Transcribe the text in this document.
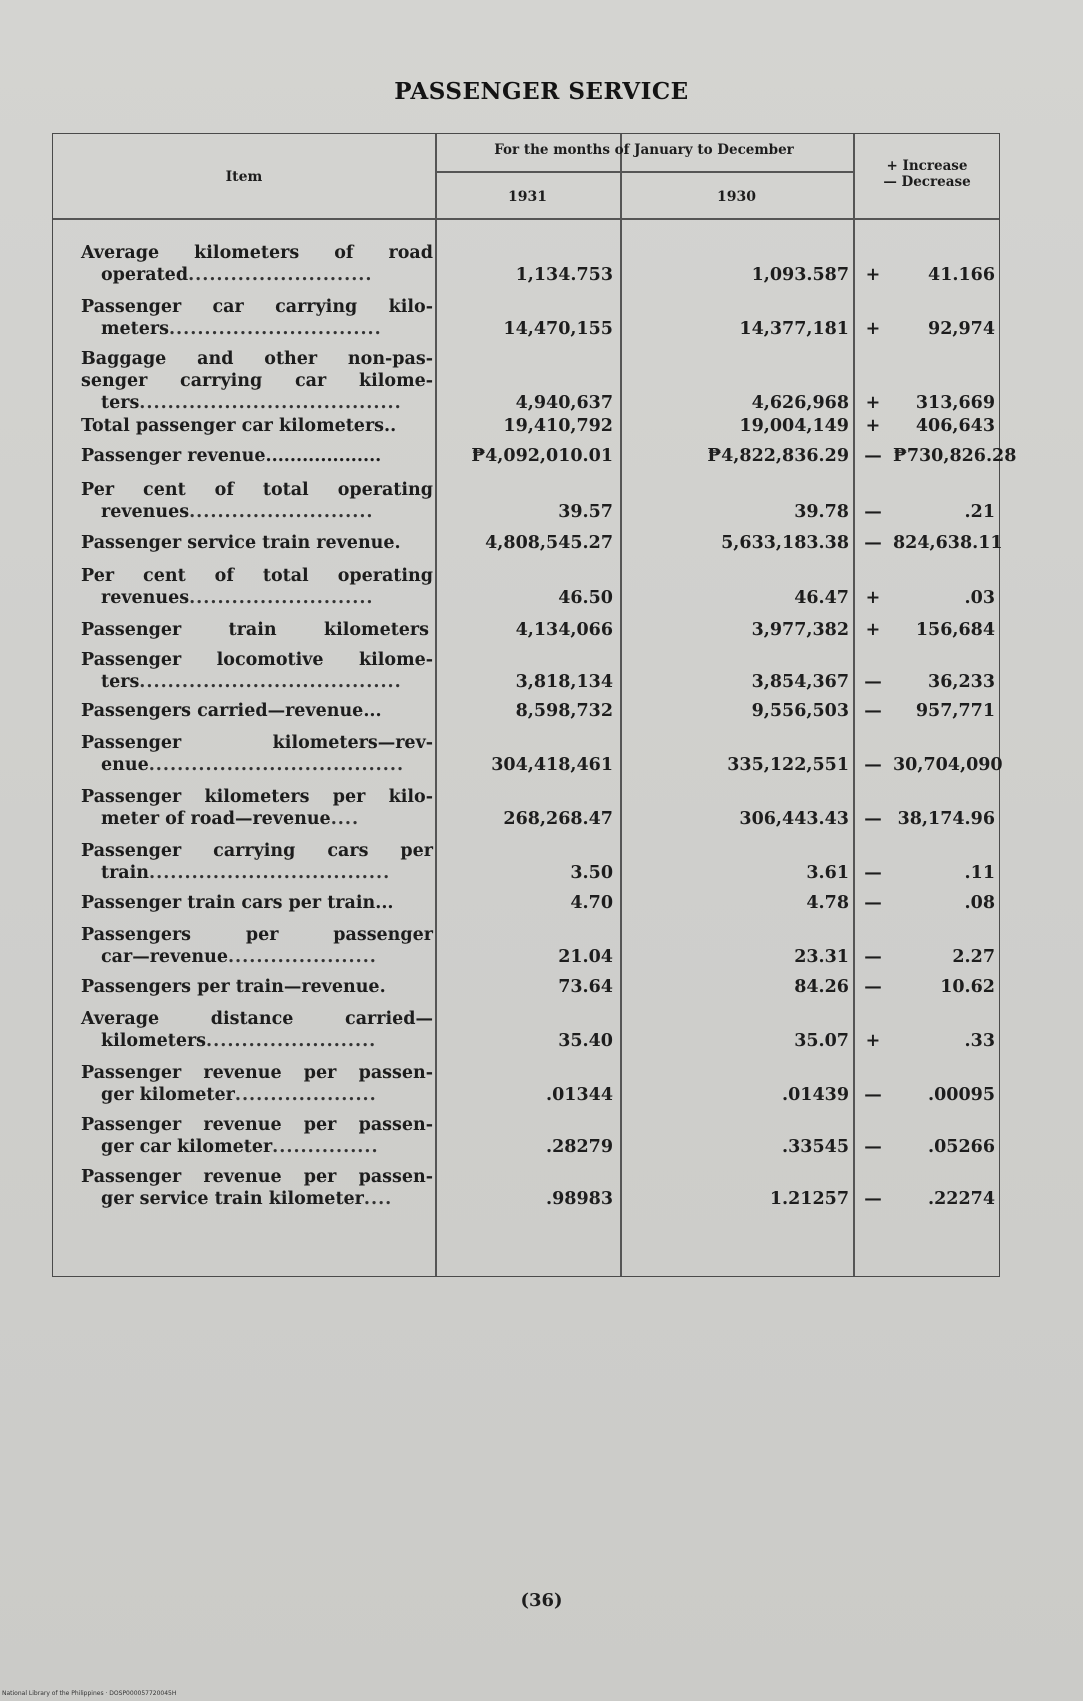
PASSENGER SERVICE
Item
For the months of January to December
1931	1930
+ Increase
— Decrease
Average kilometers of road
operated..........................	1,134.753	1,093.587 +	41.166
Passenger car carrying kilo-
meters..............................	14,470,155	14,377,181 +	92,974
Baggage and other non-pas-
senger carrying car kilome-
ters.....................................	4,940,637	4,626,968 +	313,669
Total passenger car kilometers..	19,410,792	19,004,149 +	406,643
Passenger revenue...................	₱4,092,010.01	₱4,822,836.29 — ₱730,826.28
Per cent of total operating
revenues..........................	39.57	39.78 —	.21
Passenger service train revenue.	4,808,545.27	5,633,183.38 — 824,638.11
Per cent of total operating
revenues..........................	46.50	46.47 +	.03
Passenger train kilometers	4,134,066	3,977,382 +	156,684
Passenger locomotive kilome-
ters.....................................	3,818,134	3,854,367 —	36,233
Passengers carried—revenue...	8,598,732	9,556,503 —	957,771
Passenger kilometers—rev-
enue....................................	304,418,461	335,122,551 — 30,704,090
Passenger kilometers per kilo-
meter of road—revenue....	268,268.47	306,443.43 — 38,174.96
Passenger carrying cars per
train..................................	3.50	3.61 —	.11
Passenger train cars per train...	4.70	4.78 —	.08
Passengers per passenger
car—revenue.....................	21.04	23.31 —	2.27
Passengers per train—revenue.	73.64	84.26 —	10.62
Average distance carried—
kilometers........................	35.40	35.07 +	.33
Passenger revenue per passen-
ger kilometer....................	.01344	.01439 —	.00095
Passenger revenue per passen-
ger car kilometer...............	.28279	.33545 —	.05266
Passenger revenue per passen-
ger service train kilometer....	.98983	1.21257 —	.22274
(36)
National Library of the Philippines · DOSP000057720045H
